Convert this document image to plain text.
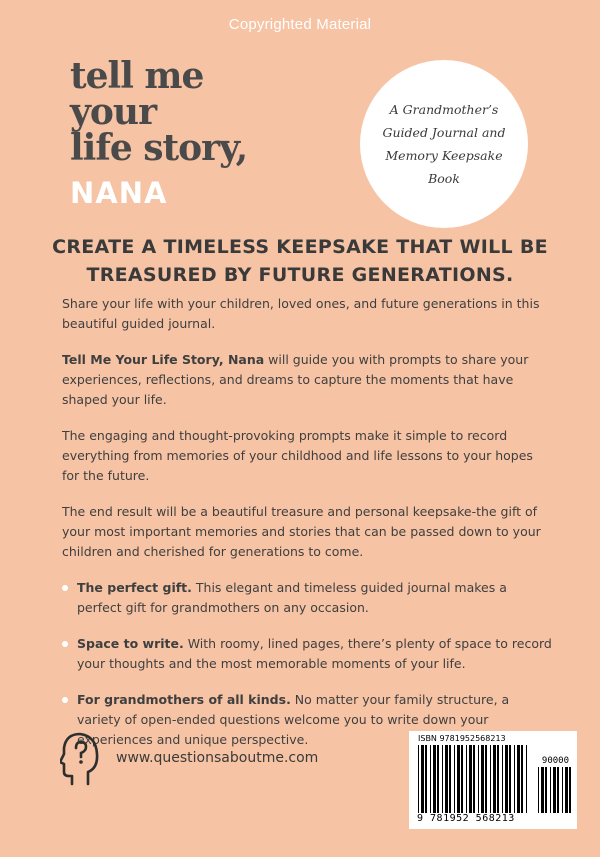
Copyrighted Material
tell me
your
life story,
NANA
A Grandmother’s
Guided Journal and
Memory Keepsake
Book
CREATE A TIMELESS KEEPSAKE THAT WILL BE TREASURED BY FUTURE GENERATIONS.

Share your life with your children, loved ones, and future generations in this beautiful guided journal.

Tell Me Your Life Story, Nana will guide you with prompts to share your experiences, reflections, and dreams to capture the moments that have shaped your life.

The engaging and thought-provoking prompts make it simple to record everything from memories of your childhood and life lessons to your hopes for the future.

The end result will be a beautiful treasure and personal keepsake-the gift of your most important memories and stories that can be passed down to your children and cherished for generations to come.

The perfect gift. This elegant and timeless guided journal makes a perfect gift for grandmothers on any occasion.
Space to write. With roomy, lined pages, there’s plenty of space to record your thoughts and the most memorable moments of your life.
For grandmothers of all kinds. No matter your family structure, a variety of open-ended questions welcome you to write down your experiences and unique perspective.
www.questionsaboutme.com
ISBN 9781952568213
90000
9 781952 568213
